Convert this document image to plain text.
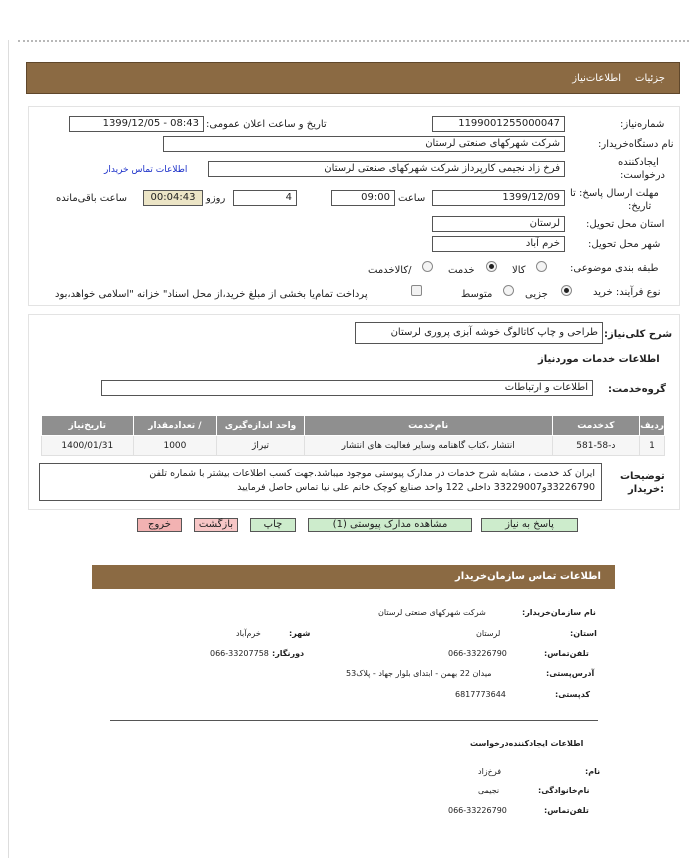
جزئیات
اطلاعات‌نیاز
شماره‌نیاز:
1199001255000047
تاریخ و ساعت اعلان عمومی:
1399/12/05 - 08:43
نام دستگاه‌خریدار:
شرکت شهرکهای صنعتی لرستان
ایجادکننده
درخواست:
فرخ زاد نجیمی کارپرداز شرکت شهرکهای صنعتی لرستان
اطلاعات تماس خریدار
مهلت ارسال پاسخ: تا
تاریخ:
1399/12/09
ساعت
09:00
4
روزو
00:04:43
ساعت باقی‌مانده
استان محل تحویل:
لرستان
شهر محل تحویل:
خرم آباد
طبقه بندی موضوعی:
کالا
خدمت
/کالاخدمت
نوع فرآیند: خرید
جزیی
متوسط
پرداخت تمام‌یا بخشی از مبلغ خرید،از محل اسناد" خزانه "اسلامی خواهد،بود
شرح کلی‌نیاز:
طراحی و چاپ کاتالوگ خوشه آبزی پروری لرستان
اطلاعات خدمات موردنیاز
گروه‌خدمت:
اطلاعات و ارتباطات
ردیف	کدخدمت	نام‌خدمت	واحد اندازه‌گیری	/ تعدادمقدار	تاریخ‌نیاز
1	د-58-581	انتشار ،کتاب گاهنامه وسایر فعالیت های انتشار	تیراژ	1000	1400/01/31
توضیحات
:خریدار
ایران کد خدمت ، مشابه شرح خدمات در مدارک پیوستی موجود میباشد.جهت کسب اطلاعات بیشتر با شماره تلفن
33226790و33229007 داخلی 122 واحد صنایع کوچک خانم علی نیا تماس حاصل فرمایید
پاسخ به نیاز
مشاهده مدارک پیوستی (1)
چاپ
بازگشت
خروج
اطلاعات تماس سازمان‌خریدار
نام سازمان‌خریدار:
شرکت شهرکهای صنعتی لرستان
استان:
لرستان
شهر:
خرم‌آباد
تلفن‌تماس:
066-33226790
دورنگار:
066-33207758
آدرس‌پستی:
میدان 22 بهمن - ابتدای بلوار جهاد - پلاک53
کدپستی:
6817773644
اطلاعات ایجادکننده‌درخواست
نام:
فرخ‌زاد
نام‌خانوادگی:
نجیمی
تلفن‌تماس:
066-33226790
